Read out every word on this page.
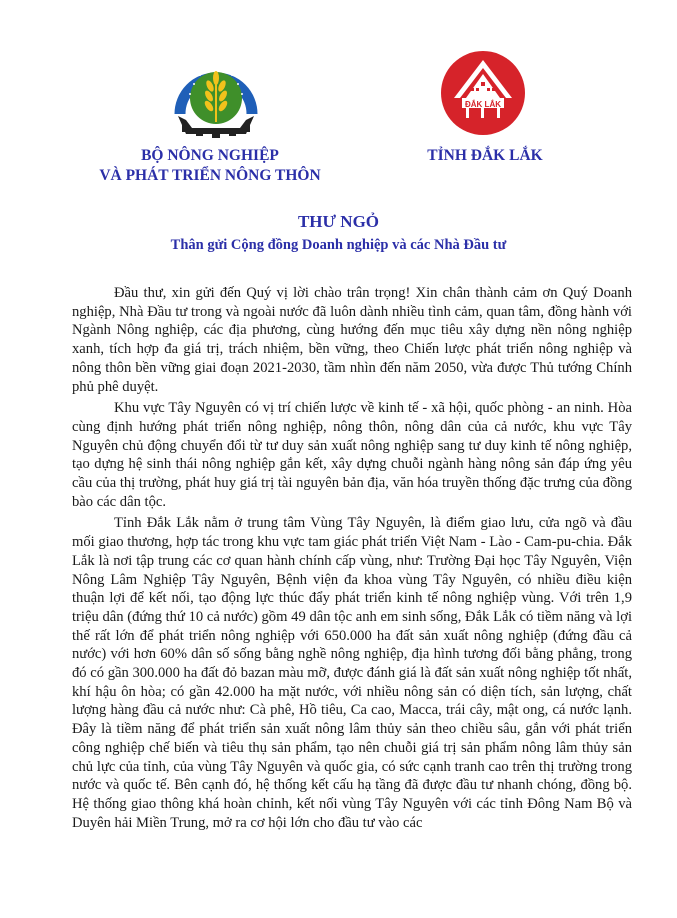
ĐẮK LẮK
BỘ NÔNG NGHIỆP
VÀ PHÁT TRIỂN NÔNG THÔN
TỈNH ĐẮK LẮK
THƯ NGỎ
Thân gửi Cộng đồng Doanh nghiệp và các Nhà Đầu tư

Đầu thư, xin gửi đến Quý vị lời chào trân trọng! Xin chân thành cảm ơn Quý Doanh nghiệp, Nhà Đầu tư trong và ngoài nước đã luôn dành nhiều tình cảm, quan tâm, đồng hành với Ngành Nông nghiệp, các địa phương, cùng hướng đến mục tiêu xây dựng nền nông nghiệp xanh, tích hợp đa giá trị, trách nhiệm, bền vững, theo Chiến lược phát triển nông nghiệp và nông thôn bền vững giai đoạn 2021-2030, tầm nhìn đến năm 2050, vừa được Thủ tướng Chính phủ phê duyệt.

Khu vực Tây Nguyên có vị trí chiến lược về kinh tế - xã hội, quốc phòng - an ninh. Hòa cùng định hướng phát triển nông nghiệp, nông thôn, nông dân của cả nước, khu vực Tây Nguyên chủ động chuyển đổi từ tư duy sản xuất nông nghiệp sang tư duy kinh tế nông nghiệp, tạo dựng hệ sinh thái nông nghiệp gắn kết, xây dựng chuỗi ngành hàng nông sản đáp ứng yêu cầu của thị trường, phát huy giá trị tài nguyên bản địa, văn hóa truyền thống đặc trưng của đồng bào các dân tộc.

Tỉnh Đắk Lắk nằm ở trung tâm Vùng Tây Nguyên, là điểm giao lưu, cửa ngõ và đầu mối giao thương, hợp tác trong khu vực tam giác phát triển Việt Nam - Lào - Cam-pu-chia. Đắk Lắk là nơi tập trung các cơ quan hành chính cấp vùng, như: Trường Đại học Tây Nguyên, Viện Nông Lâm Nghiệp Tây Nguyên, Bệnh viện đa khoa vùng Tây Nguyên, có nhiều điều kiện thuận lợi để kết nối, tạo động lực thúc đẩy phát triển kinh tế nông nghiệp vùng. Với trên 1,9 triệu dân (đứng thứ 10 cả nước) gồm 49 dân tộc anh em sinh sống, Đắk Lắk có tiềm năng và lợi thế rất lớn để phát triển nông nghiệp với 650.000 ha đất sản xuất nông nghiệp (đứng đầu cả nước) với hơn 60% dân số sống bằng nghề nông nghiệp, địa hình tương đối bằng phẳng, trong đó có gần 300.000 ha đất đỏ bazan màu mỡ, được đánh giá là đất sản xuất nông nghiệp tốt nhất, khí hậu ôn hòa; có gần 42.000 ha mặt nước, với nhiều nông sản có diện tích, sản lượng, chất lượng hàng đầu cả nước như: Cà phê, Hồ tiêu, Ca cao, Macca, trái cây, mật ong, cá nước lạnh. Đây là tiềm năng để phát triển sản xuất nông lâm thủy sản theo chiều sâu, gắn với phát triển công nghiệp chế biến và tiêu thụ sản phẩm, tạo nên chuỗi giá trị sản phẩm nông lâm thủy sản chủ lực của tỉnh, của vùng Tây Nguyên và quốc gia, có sức cạnh tranh cao trên thị trường trong nước và quốc tế. Bên cạnh đó, hệ thống kết cấu hạ tầng đã được đầu tư nhanh chóng, đồng bộ. Hệ thống giao thông khá hoàn chỉnh, kết nối vùng Tây Nguyên với các tỉnh Đông Nam Bộ và Duyên hải Miền Trung, mở ra cơ hội lớn cho đầu tư vào các
